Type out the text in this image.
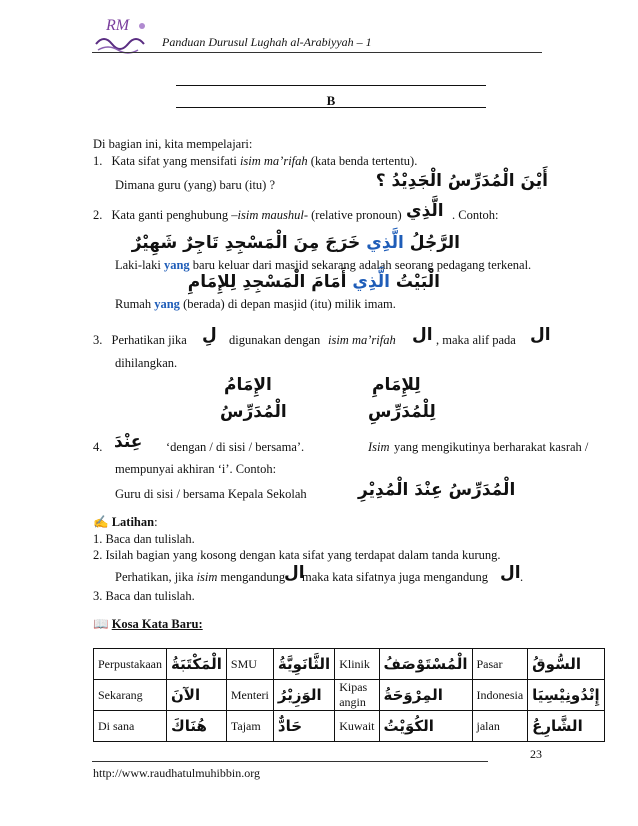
RM
Panduan Durusul Lughah al-Arabiyyah – 1
B
Di bagian ini, kita mempelajari:
1. Kata sifat yang mensifati isim ma’rifah (kata benda tertentu).
Dimana guru (yang) baru (itu) ?	أَيْنَ الْمُدَرِّسُ الْجَدِيْدُ ؟
2. Kata ganti penghubung –isim maushul- (relative pronoun) الَّذِي . Contoh:
الرَّجُلُ الَّذِي خَرَجَ مِنَ الْمَسْجِدِ تَاجِرٌ شَهِيْرٌ
Laki-laki yang baru keluar dari masjid sekarang adalah seorang pedagang terkenal.
الْبَيْتُ الَّذِي أَمَامَ الْمَسْجِدِ لِلإِمَامِ
Rumah yang (berada) di depan masjid (itu) milik imam.
3. Perhatikan jika لِ digunakan dengan isim ma’rifah ال , maka alif pada ال
dihilangkan.
الإِمَامُ	لِلإِمَامِ
الْمُدَرِّسُ	لِلْمُدَرِّسِ
4. عِنْدَ ‘dengan / di sisi / bersama’.	Isim yang mengikutinya berharakat kasrah /
mempunyai akhiran ‘i’. Contoh:
Guru di sisi / bersama Kepala Sekolah	الْمُدَرِّسُ عِنْدَ الْمُدِيْرِ
✍ Latihan:
1. Baca dan tulislah.
2. Isilah bagian yang kosong dengan kata sifat yang terdapat dalam tanda kurung.
Perhatikan, jika isim mengandung
ال
maka kata sifatnya juga mengandung ال .
3. Baca dan tulislah.
📖 Kosa Kata Baru:
Perpustakaan	الْمَكْتَبَةُ	SMU	الثَّانَوِيَّةُ	Klinik	الْمُسْتَوْصَفُ	Pasar	السُّوقُ
Sekarang	الآنَ	Menteri	الوَزِيْرُ	Kipas angin	المِرْوَحَةُ	Indonesia	إِنْدُونِيْسِيَا
Di sana	هُنَاكَ	Tajam	حَادٌّ	Kuwait	الكُوَيْتُ	jalan	الشَّارِعُ
23
http://www.raudhatulmuhibbin.org
